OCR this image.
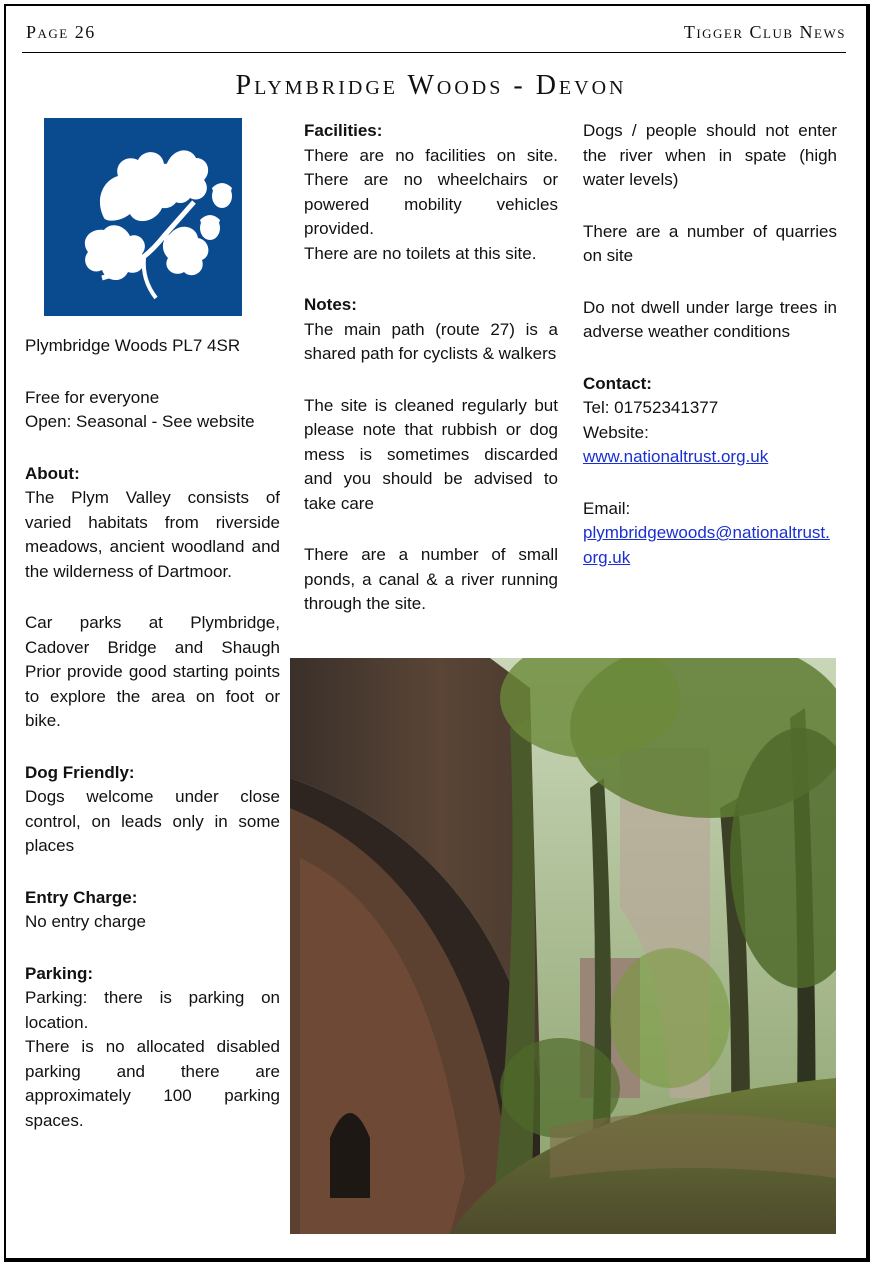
Page 26	Tigger Club News
Plymbridge Woods - Devon

Plymbridge Woods PL7 4SR

Free for everyone

Open: Seasonal - See website

About:

The Plym Valley consists of varied habitats from riverside meadows, ancient woodland and the wilderness of Dartmoor.

Car parks at Plymbridge, Cadover Bridge and Shaugh Prior provide good starting points to explore the area on foot or bike.

Dog Friendly:

Dogs welcome under close control, on leads only in some places

Entry Charge:

No entry charge

Parking:

Parking: there is parking on location.

There is no allocated disabled parking and there are approximately 100 parking spaces.

Facilities:

There are no facilities on site. There are no wheelchairs or powered mobility vehicles provided.

There are no toilets at this site.

Notes:

The main path (route 27) is a shared path for cyclists & walkers

The site is cleaned regularly but please note that rubbish or dog mess is sometimes discarded and you should be advised to take care

There are a number of small ponds, a canal & a river running through the site.

Dogs / people should not enter the river when in spate (high water levels)

There are a number of quarries on site

Do not dwell under large trees in adverse weather conditions

Contact:

Tel: 01752341377

Website:

www.nationaltrust.org.uk

Email:

plymbridgewoods@nationaltrust.org.uk
